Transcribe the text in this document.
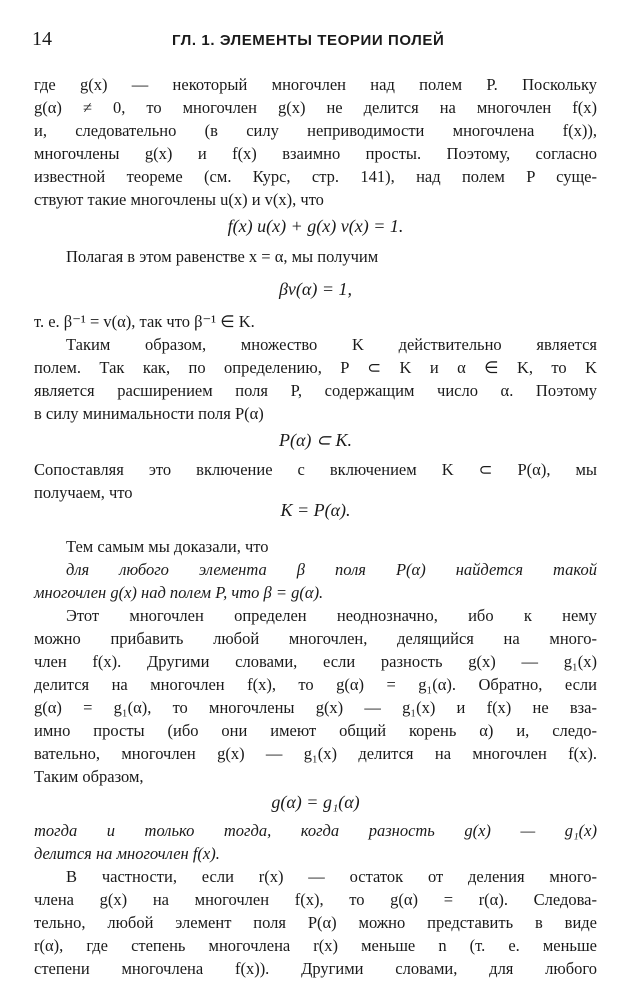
14	ГЛ. 1. ЭЛЕМЕНТЫ ТЕОРИИ ПОЛЕЙ
где g(x) — некоторый многочлен над полем P. Поскольку
g(α) ≠ 0, то многочлен g(x) не делится на многочлен f(x)
и, следовательно (в силу неприводимости многочлена f(x)),
многочлены g(x) и f(x) взаимно просты. Поэтому, согласно
известной теореме (см. Курс, стр. 141), над полем P суще-
ствуют такие многочлены u(x) и v(x), что
f(x) u(x) + g(x) v(x) = 1.
Полагая в этом равенстве x = α, мы получим
βv(α) = 1,
т. е. β⁻¹ = v(α), так что β⁻¹ ∈ K.
Таким образом, множество K действительно является
полем. Так как, по определению, P ⊂ K и α ∈ K, то K
является расширением поля P, содержащим число α. Поэтому
в силу минимальности поля P(α)
P(α) ⊂ K.
Сопоставляя это включение с включением K ⊂ P(α), мы
получаем, что
K = P(α).
Тем самым мы доказали, что
для любого элемента β поля P(α) найдется такой
многочлен g(x) над полем P, что β = g(α).
Этот многочлен определен неоднозначно, ибо к нему
можно прибавить любой многочлен, делящийся на много-
член f(x). Другими словами, если разность g(x) — g₁(x)
делится на многочлен f(x), то g(α) = g₁(α). Обратно, если
g(α) = g₁(α), то многочлены g(x) — g₁(x) и f(x) не вза-
имно просты (ибо они имеют общий корень α) и, следо-
вательно, многочлен g(x) — g₁(x) делится на многочлен f(x).
Таким образом,
g(α) = g₁(α)
тогда и только тогда, когда разность g(x) — g₁(x)
делится на многочлен f(x).
В частности, если r(x) — остаток от деления много-
члена g(x) на многочлен f(x), то g(α) = r(α). Следова-
тельно, любой элемент поля P(α) можно представить в виде
r(α), где степень многочлена r(x) меньше n (т. е. меньше
степени многочлена f(x)). Другими словами, для любого
